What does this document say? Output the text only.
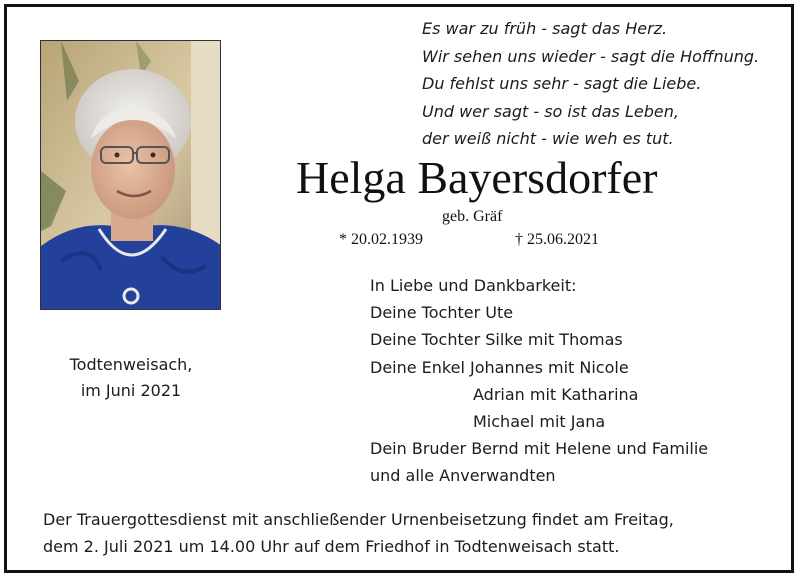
Es war zu früh - sagt das Herz.
Wir sehen uns wieder - sagt die Hoffnung.
Du fehlst uns sehr - sagt die Liebe.
Und wer sagt - so ist das Leben,
der weiß nicht - wie weh es tut.
Helga Bayersdorfer
geb. Gräf
* 20.02.1939	† 25.06.2021
Todtenweisach,
im Juni 2021
In Liebe und Dankbarkeit:
Deine Tochter Ute
Deine Tochter Silke mit Thomas
Deine Enkel Johannes mit Nicole
Adrian mit Katharina
Michael mit Jana
Dein Bruder Bernd mit Helene und Familie
und alle Anverwandten
Der Trauergottesdienst mit anschließender Urnenbeisetzung findet am Freitag,
dem 2. Juli 2021 um 14.00 Uhr auf dem Friedhof in Todtenweisach statt.
